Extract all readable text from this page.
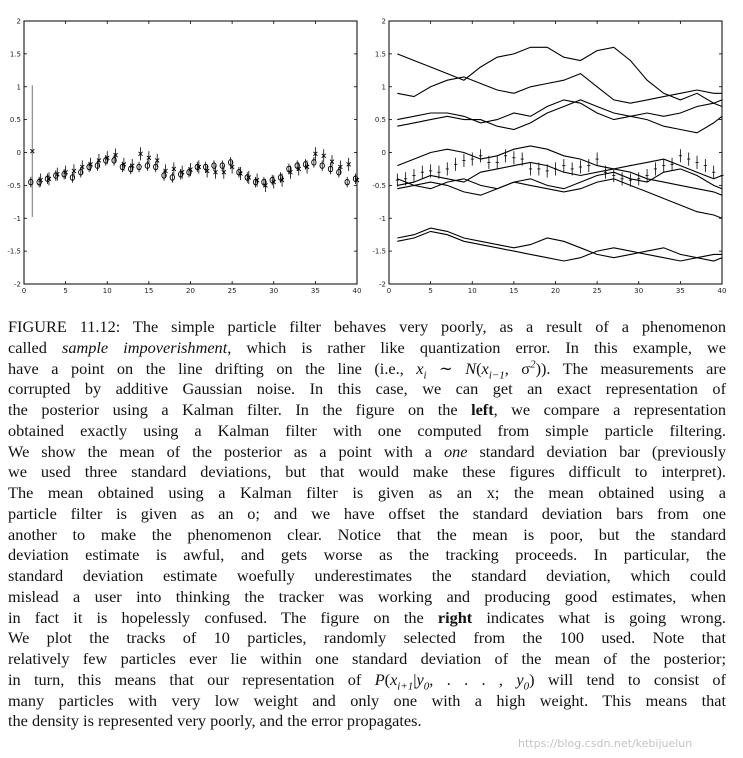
0	5	10	15	20	25	30	35	40
-2
-1.5
-1
-0.5
0
0.5
1
1.5
2
0	5	10	15	20	25	30	35	40
-2
-1.5
-1
-0.5
0
0.5
1
1.5
2
FIGURE 11.12: The simple particle filter behaves very poorly, as a result of a phenomenon
called sample impoverishment, which is rather like quantization error. In this example, we
have a point on the line drifting on the line (i.e., $x_i$ ∼ $N(x_{i-1}$, $\sigma^2$)). The measurements are
corrupted by additive Gaussian noise. In this case, we can get an exact representation of
the posterior using a Kalman filter. In the figure on the left, we compare a representation
obtained exactly using a Kalman filter with one computed from simple particle filtering.
We show the mean of the posterior as a point with a one standard deviation bar (previously
we used three standard deviations, but that would make these figures difficult to interpret).
The mean obtained using a Kalman filter is given as an x; the mean obtained using a
particle filter is given as an o; and we have offset the standard deviation bars from one
another to make the phenomenon clear. Notice that the mean is poor, but the standard
deviation estimate is awful, and gets worse as the tracking proceeds. In particular, the
standard deviation estimate woefully underestimates the standard deviation, which could
mislead a user into thinking the tracker was working and producing good estimates, when
in fact it is hopelessly confused. The figure on the right indicates what is going wrong.
We plot the tracks of 10 particles, randomly selected from the 100 used. Note that
relatively few particles ever lie within one standard deviation of the mean of the posterior;
in turn, this means that our representation of $P(x_{i+1}|y_0$, . . . , $y_0$) will tend to consist of
many particles with very low weight and only one with a high weight. This means that
the density is represented very poorly, and the error propagates.
https://blog.csdn.net/kebijuelun
